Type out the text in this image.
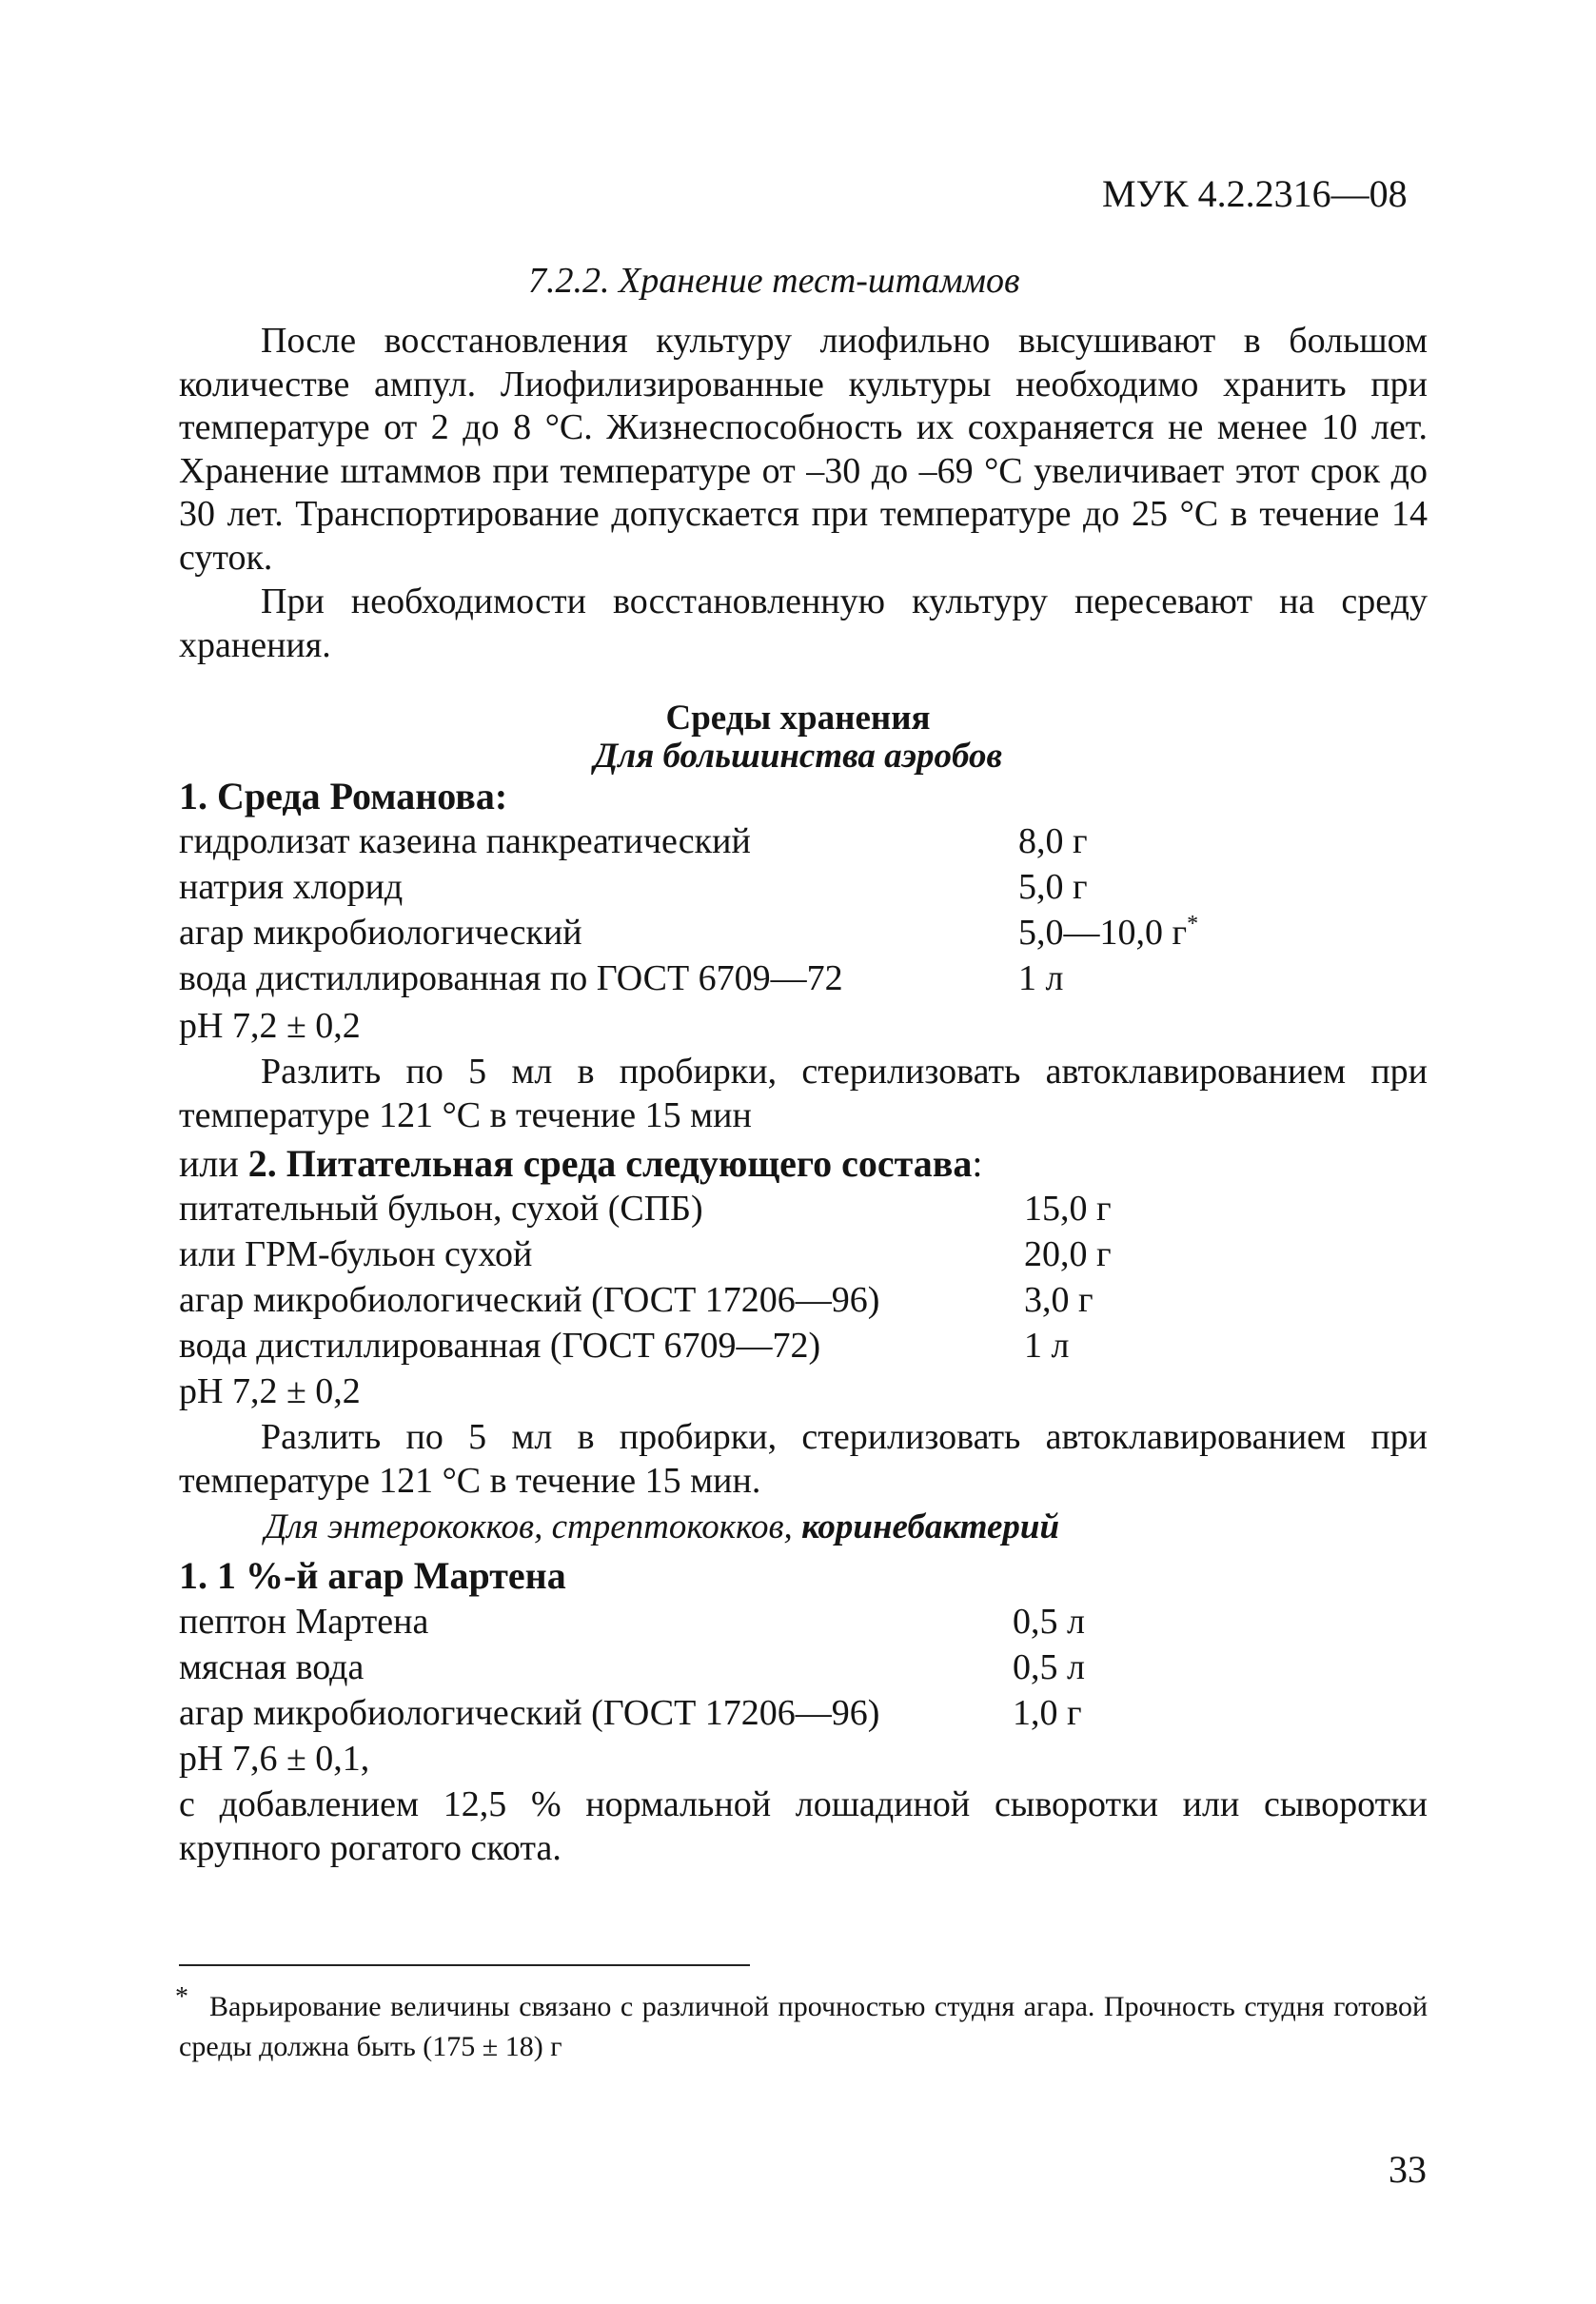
МУК 4.2.2316—08
7.2.2. Хранение тест-штаммов
После восстановления культуру лиофильно высушивают в большом количестве ампул. Лиофилизированные культуры необходимо хранить при температуре от 2 до 8 °С. Жизнеспособность их сохраняется не менее 10 лет. Хранение штаммов при температуре от –30 до –69 °С увеличивает этот срок до 30 лет. Транспортирование допускается при температуре до 25 °С в течение 14 суток.
При необходимости восстановленную культуру пересевают на среду хранения.
Среды хранения
Для большинства аэробов
1. Среда Романова:
гидролизат казеина панкреатический	8,0 г
натрия хлорид	5,0 г
агар микробиологический	5,0—10,0 г*
вода дистиллированная по ГОСТ 6709—72	1 л
рН 7,2 ± 0,2
Разлить по 5 мл в пробирки, стерилизовать автоклавированием при температуре 121 °С в течение 15 мин
или 2. Питательная среда следующего состава:
питательный бульон, сухой (СПБ)	15,0 г
или ГРМ-бульон сухой	20,0 г
агар микробиологический (ГОСТ 17206—96)	3,0 г
вода дистиллированная (ГОСТ 6709—72)	1 л
рН 7,2 ± 0,2
Разлить по 5 мл в пробирки, стерилизовать автоклавированием при температуре 121 °С в течение 15 мин.
Для энтерококков, стрептококков, коринебактерий
1. 1 %-й агар Мартена
пептон Мартена	0,5 л
мясная вода	0,5 л
агар микробиологический (ГОСТ 17206—96)	1,0 г
рН 7,6 ± 0,1,
с добавлением 12,5 % нормальной лошадиной сыворотки или сыворотки крупного рогатого скота.
* Варьирование величины связано с различной прочностью студня агара. Прочность студня готовой среды должна быть (175 ± 18) г
33
